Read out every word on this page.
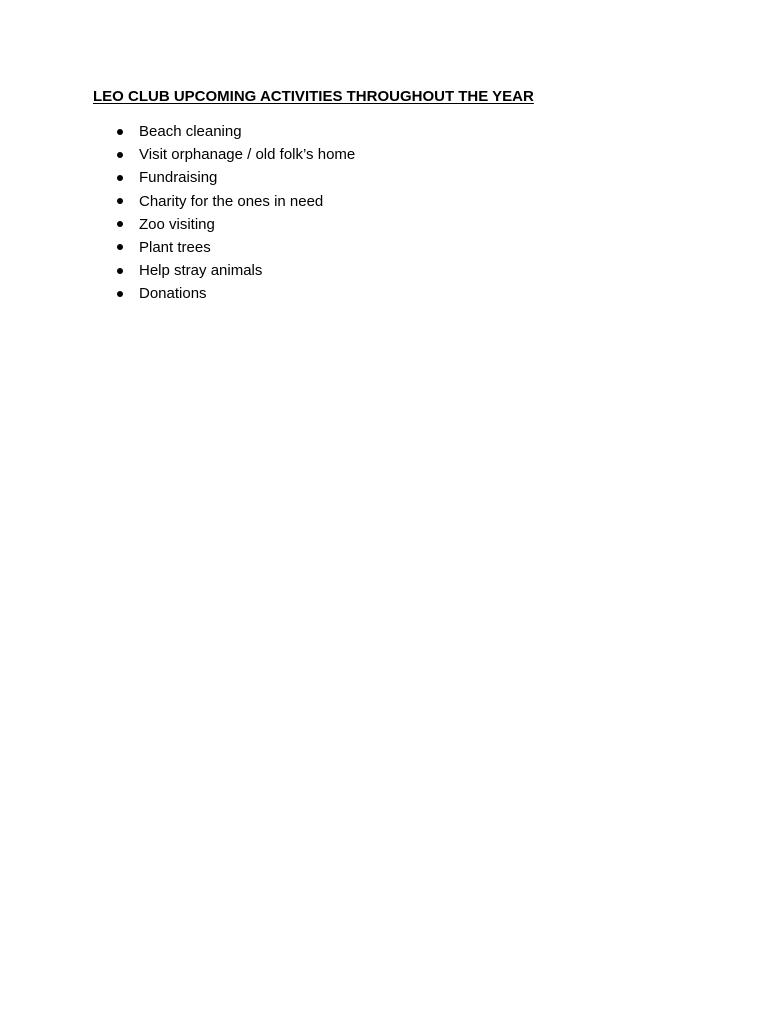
LEO CLUB UPCOMING ACTIVITIES THROUGHOUT THE YEAR
Beach cleaning
Visit orphanage / old folk’s home
Fundraising
Charity for the ones in need
Zoo visiting
Plant trees
Help stray animals
Donations
